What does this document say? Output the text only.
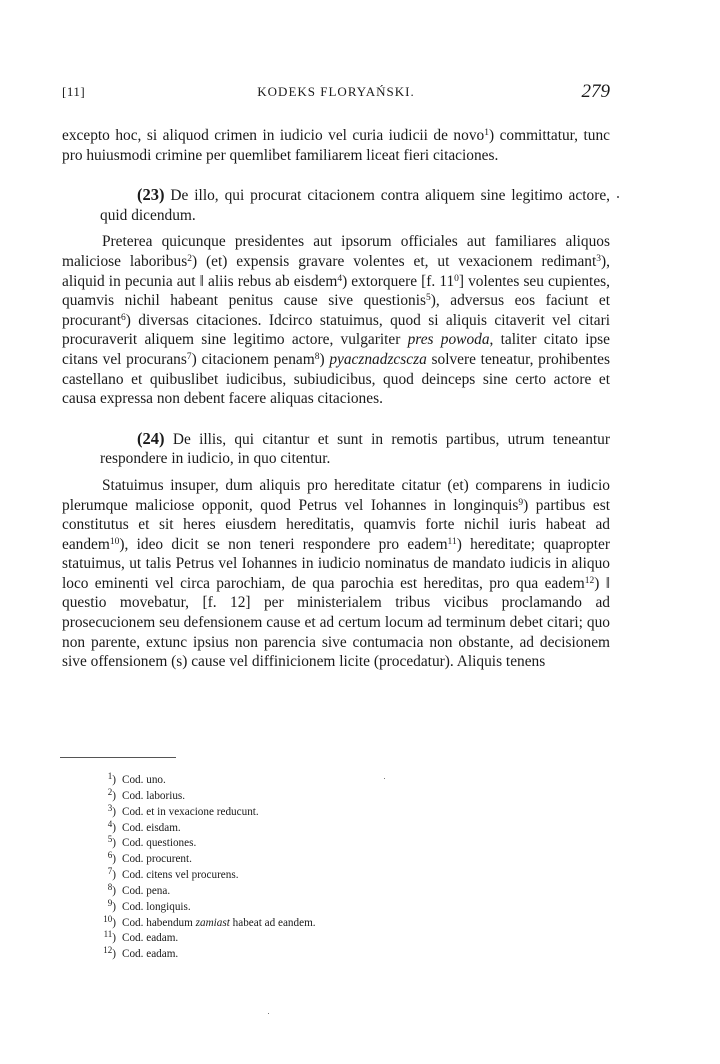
[11]	KODEKS FLORYAŃSKI.	279

excepto hoc, si aliquod crimen in iudicio vel curia iudicii de novo$^1$) committatur, tunc pro huiusmodi crimine per quemlibet familiarem liceat fieri citaciones.

(23) De illo, qui procurat citacionem contra aliquem sine legitimo actore, quid dicendum.

Preterea quicunque presidentes aut ipsorum officiales aut familiares aliquos maliciose laboribus$^2$) (et) expensis gravare volentes et, ut vexacionem redimant$^3$), aliquid in pecunia aut ‖ aliis rebus ab eisdem$^4$) extorquere [f. $11^0$] volentes seu cupientes, quamvis nichil habeant penitus cause sive questionis$^5$), adversus eos faciunt et procurant$^6$) diversas citaciones. Idcirco statuimus, quod si aliquis citaverit vel citari procuraverit aliquem sine legitimo actore, vulgariter pres powoda, taliter citato ipse citans vel procurans$^7$) citacionem penam$^8$) pyacznadzcscza solvere teneatur, prohibentes castellano et quibuslibet iudicibus, subiudicibus, quod deinceps sine certo actore et causa expressa non debent facere aliquas citaciones.

(24) De illis, qui citantur et sunt in remotis partibus, utrum teneantur respondere in iudicio, in quo citentur.

Statuimus insuper, dum aliquis pro hereditate citatur (et) comparens in iudicio plerumque maliciose opponit, quod Petrus vel Iohannes in longinquis$^9$) partibus est constitutus et sit heres eiusdem hereditatis, quamvis forte nichil iuris habeat ad eandem$^{10}$), ideo dicit se non teneri respondere pro eadem$^{11}$) hereditate; quapropter statuimus, ut talis Petrus vel Iohannes in iudicio nominatus de mandato iudicis in aliquo loco eminenti vel circa parochiam, de qua parochia est hereditas, pro qua eadem$^{12}$) ‖ questio movebatur, [f. 12] per ministerialem tribus vicibus proclamando ad prosecucionem seu defensionem cause et ad certum locum ad terminum debet citari; quo non parente, extunc ipsius non parencia sive contumacia non obstante, ad decisionem sive offensionem (s) cause vel diffinicionem licite (procedatur). Aliquis tenens

$^1$) Cod. uno.
$^2$) Cod. laborius.
$^3$) Cod. et in vexacione reducunt.
$^4$) Cod. eisdam.
$^5$) Cod. questiones.
$^6$) Cod. procurent.
$^7$) Cod. citens vel procurens.
$^8$) Cod. pena.
$^9$) Cod. longiquis.
$^{10}$) Cod. habendum zamiast habeat ad eandem.
$^{11}$) Cod. eadam.
$^{12}$) Cod. eadam.
